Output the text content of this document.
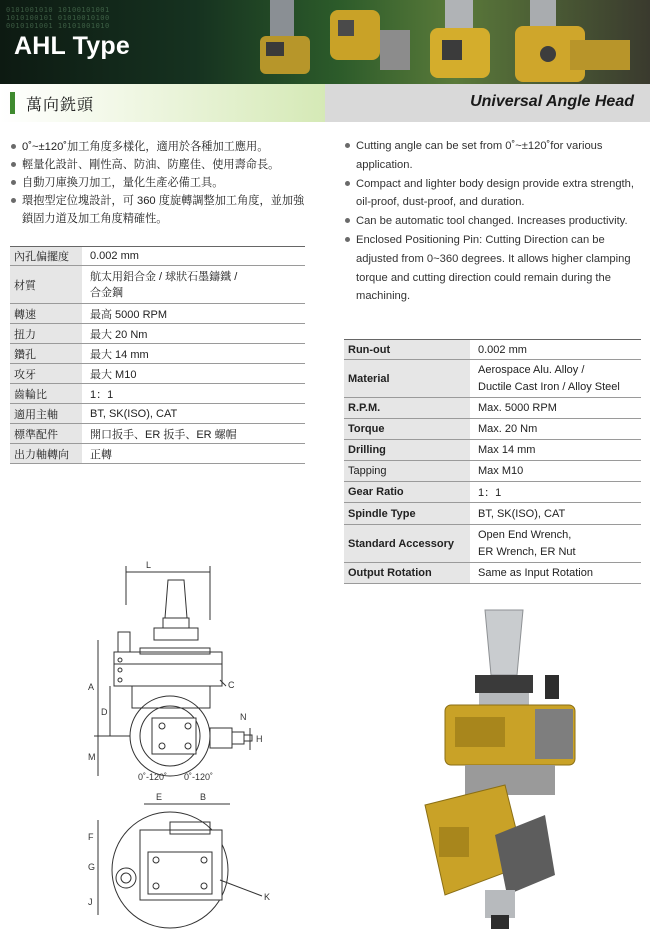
0101001010 10100101001
1010100101 01010010100
0010101001 10101001010
AHL Type
萬向銑頭	Universal Angle Head
0˚~±120˚加工角度多樣化，適用於各種加工應用。
輕量化設計、剛性高、防油、防塵佳、使用壽命長。
自動刀庫換刀加工，量化生產必備工具。
環抱型定位塊設計，可 360 度旋轉調整加工角度，並加強鎖固力道及加工角度精確性。
Cutting angle can be set from 0˚~±120˚for various application.
Compact and lighter body design provide extra strength, oil-proof, dust-proof, and duration.
Can be automatic tool changed. Increases productivity.
Enclosed Positioning Pin: Cutting Direction can be adjusted from 0~360 degrees. It allows higher clamping torque and cutting direction could remain during the machining.
內孔偏擺度	0.002 mm
材質	航太用鋁合金 / 球狀石墨鑄鐵 /
合金鋼
轉速	最高 5000 RPM
扭力	最大 20 Nm
鑽孔	最大 14 mm
攻牙	最大 M10
齒輪比	1：1
適用主軸	BT, SK(ISO), CAT
標準配件	開口扳手、ER 扳手、ER 螺帽
出力軸轉向	正轉
Run-out	0.002 mm
Material	Aerospace Alu. Alloy /
Ductile Cast Iron / Alloy Steel
R.P.M.	Max. 5000 RPM
Torque	Max. 20 Nm
Drilling	Max 14 mm
Tapping	Max M10
Gear Ratio	1：1
Spindle Type	BT, SK(ISO), CAT
Standard Accessory	Open End Wrench,
ER Wrench, ER Nut
Output Rotation	Same as Input Rotation
L
C
N
H
A
D
M
0˚-120˚ 0˚-120˚
E	B
F
G
J	K
